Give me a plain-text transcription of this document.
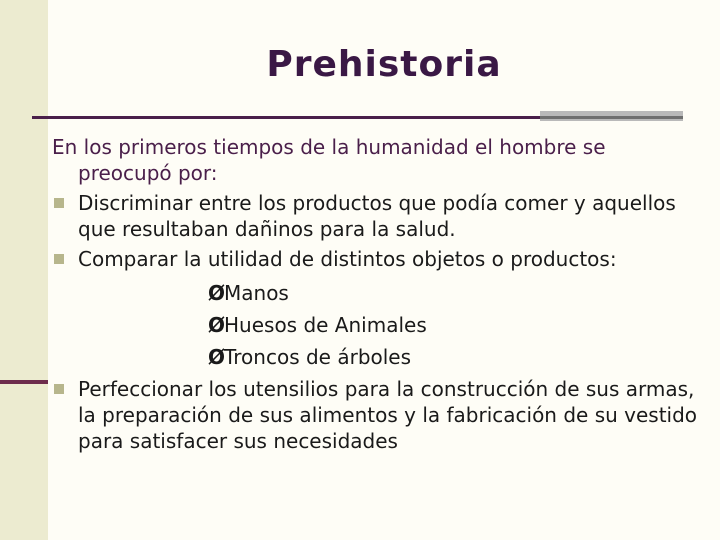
Prehistoria

En los primeros tiempos de la humanidad el hombre se preocupó por:

Discriminar entre los productos que podía comer y aquellos que resultaban dañinos para la salud.
Comparar la utilidad de distintos objetos o productos:
ØManos
ØHuesos de Animales
ØTroncos de árboles
Perfeccionar los utensilios para la construcción de sus armas, la preparación de sus alimentos y la fabricación de su vestido para satisfacer sus necesidades
